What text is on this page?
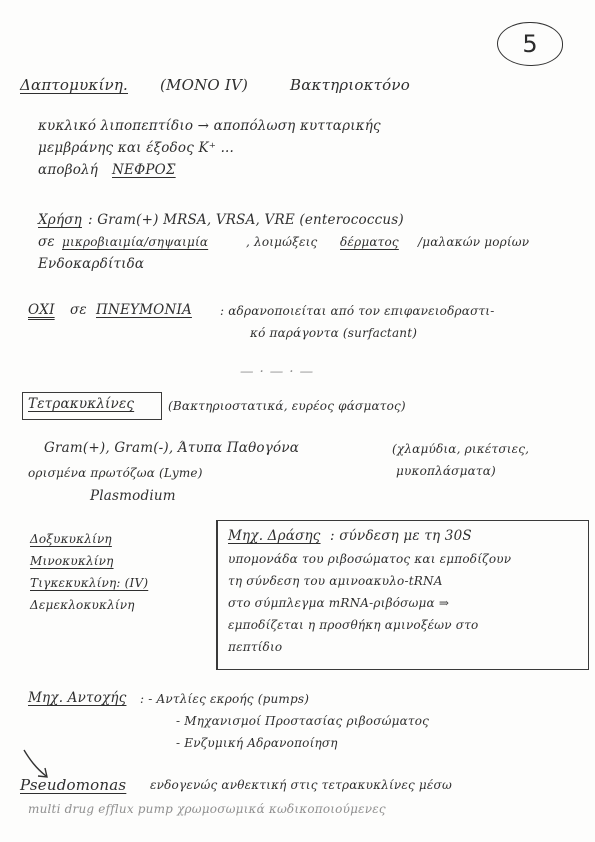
5
Δαπτομυκίνη. (ΜΟΝΟ IV)	Βακτηριοκτόνο
κυκλικό λιποπεπτίδιο → αποπόλωση κυτταρικής
μεμβράνης και έξοδος K⁺ ...
αποβολή ΝΕΦΡΟΣ
Χρήση : Gram(+) MRSA, VRSA, VRE (enterococcus)
σε μικροβιαιμία/σηψαιμία	, λοιμώξεις δέρματος /μαλακών μορίων
Ενδοκαρδίτιδα
ΟΧΙ σε ΠΝΕΥΜΟΝΙΑ : αδρανοποιείται από τον επιφανειοδραστι-
κό παράγοντα (surfactant)
—·—·—
Τετρακυκλίνες	(Βακτηριοστατικά, ευρέος φάσματος)
Gram(+), Gram(-), Άτυπα Παθογόνα	(χλαμύδια, ρικέτσιες,
ορισμένα πρωτόζωα (Lyme)	μυκοπλάσματα)
Plasmodium
Δοξυκυκλίνη
Μινοκυκλίνη
Τιγκεκυκλίνη: (IV)
Δεμεκλοκυκλίνη
Μηχ. Δράσης : σύνδεση με τη 30S
υπομονάδα του ριβοσώματος και εμποδίζουν
τη σύνδεση του αμινοακυλο-tRNA
στο σύμπλεγμα mRNA-ριβόσωμα ⇒
εμποδίζεται η προσθήκη αμινοξέων στο
πεπτίδιο
Μηχ. Αντοχής : - Αντλίες εκροής (pumps)
- Μηχανισμοί Προστασίας ριβοσώματος
- Ενζυμική Αδρανοποίηση
Pseudomonas ενδογενώς ανθεκτική στις τετρακυκλίνες μέσω
multi drug efflux pump χρωμοσωμικά κωδικοποιούμενες
